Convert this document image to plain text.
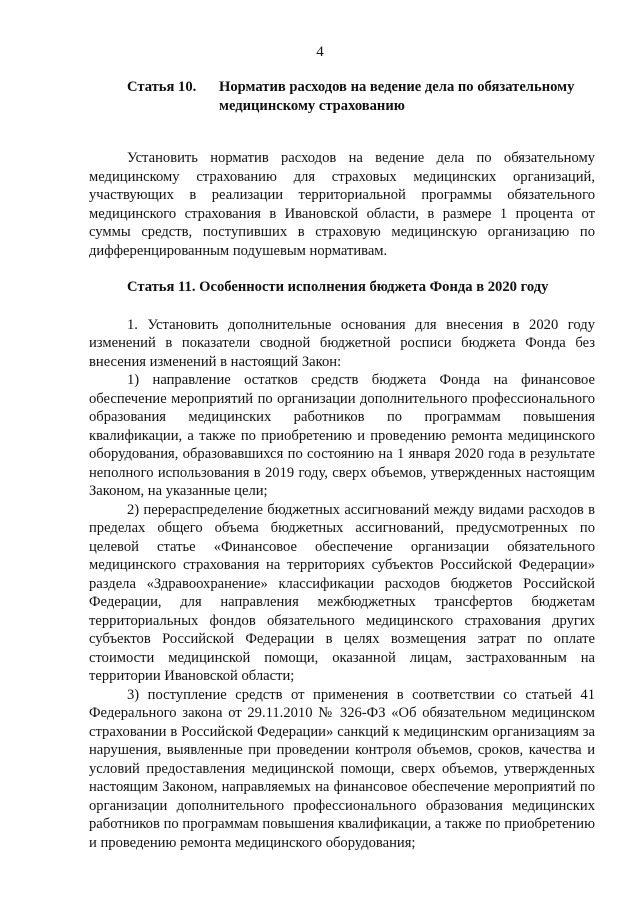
4
Статья 10.	Норматив расходов на ведение дела по обязательному медицинскому страхованию

Установить норматив расходов на ведение дела по обязательному медицинскому страхованию для страховых медицинских организаций, участвующих в реализации территориальной программы обязательного медицинского страхования в Ивановской области, в размере 1 процента от суммы средств, поступивших в страховую медицинскую организацию по дифференцированным подушевым нормативам.

Статья 11. Особенности исполнения бюджета Фонда в 2020 году

1. Установить дополнительные основания для внесения в 2020 году изменений в показатели сводной бюджетной росписи бюджета Фонда без внесения изменений в настоящий Закон:

1) направление остатков средств бюджета Фонда на финансовое обеспечение мероприятий по организации дополнительного профессионального образования медицинских работников по программам повышения квалификации, а также по приобретению и проведению ремонта медицинского оборудования, образовавшихся по состоянию на 1 января 2020 года в результате неполного использования в 2019 году, сверх объемов, утвержденных настоящим Законом, на указанные цели;

2) перераспределение бюджетных ассигнований между видами расходов в пределах общего объема бюджетных ассигнований, предусмотренных по целевой статье «Финансовое обеспечение организации обязательного медицинского страхования на территориях субъектов Российской Федерации» раздела «Здравоохранение» классификации расходов бюджетов Российской Федерации, для направления межбюджетных трансфертов бюджетам территориальных фондов обязательного медицинского страхования других субъектов Российской Федерации в целях возмещения затрат по оплате стоимости медицинской помощи, оказанной лицам, застрахованным на территории Ивановской области;

3) поступление средств от применения в соответствии со статьей 41 Федерального закона от 29.11.2010 № 326-ФЗ «Об обязательном медицинском страховании в Российской Федерации» санкций к медицинским организациям за нарушения, выявленные при проведении контроля объемов, сроков, качества и условий предоставления медицинской помощи, сверх объемов, утвержденных настоящим Законом, направляемых на финансовое обеспечение мероприятий по организации дополнительного профессионального образования медицинских работников по программам повышения квалификации, а также по приобретению и проведению ремонта медицинского оборудования;
